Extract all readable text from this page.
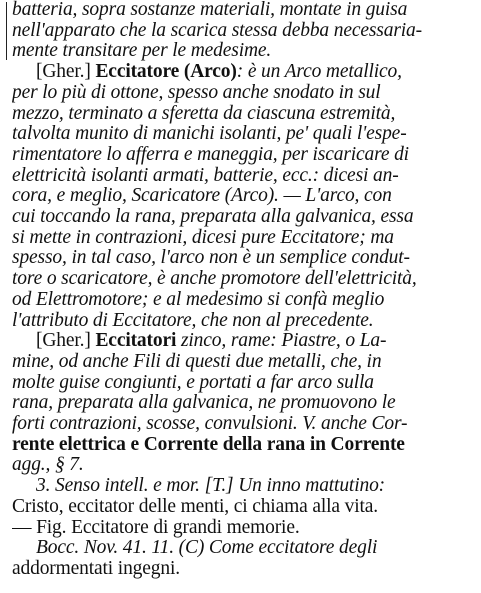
batteria, sopra sostanze materiali, montate in guisa
nell'apparato che la scarica stessa debba necessaria-
mente transitare per le medesime.

[Gher.] Eccitatore (Arco): è un Arco metallico,
per lo più di ottone, spesso anche snodato in sul
mezzo, terminato a sferetta da ciascuna estremità,
talvolta munito di manichi isolanti, pe' quali l'espe-
rimentatore lo afferra e maneggia, per iscaricare di
elettricità isolanti armati, batterie, ecc.: dicesi an-
cora, e meglio, Scaricatore (Arco). — L'arco, con
cui toccando la rana, preparata alla galvanica, essa
si mette in contrazioni, dicesi pure Eccitatore; ma
spesso, in tal caso, l'arco non è un semplice condut-
tore o scaricatore, è anche promotore dell'elettricità,
od Elettromotore; e al medesimo si confà meglio
l'attributo di Eccitatore, che non al precedente.

[Gher.] Eccitatori zinco, rame: Piastre, o La-
mine, od anche Fili di questi due metalli, che, in
molte guise congiunti, e portati a far arco sulla
rana, preparata alla galvanica, ne promuovono le
forti contrazioni, scosse, convulsioni. V. anche Cor-
rente elettrica e Corrente della rana in Corrente
agg., § 7.

3. Senso intell. e mor. [T.] Un inno mattutino:
Cristo, eccitator delle menti, ci chiama alla vita.
— Fig. Eccitatore di grandi memorie.

Bocc. Nov. 41. 11. (C) Come eccitatore degli
addormentati ingegni.
